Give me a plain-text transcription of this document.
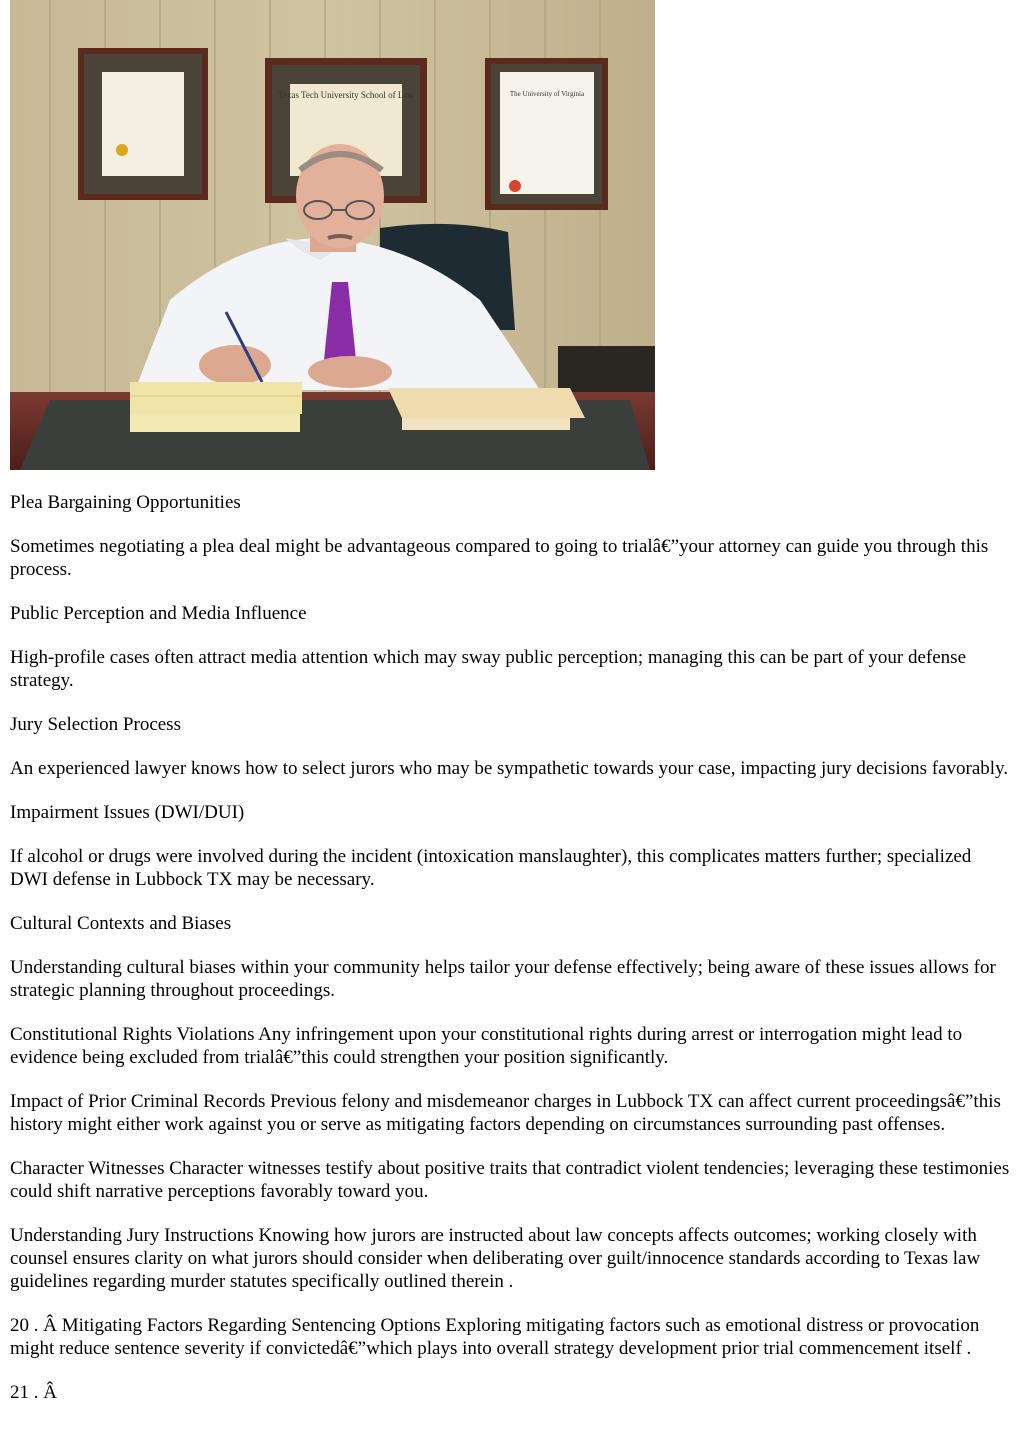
Texas Tech University School of Law	The University of Virginia

Plea Bargaining Opportunities

Sometimes negotiating a plea deal might be advantageous compared to going to trialâ€”your attorney can guide you through this process.

Public Perception and Media Influence

High-profile cases often attract media attention which may sway public perception; managing this can be part of your defense strategy.

Jury Selection Process

An experienced lawyer knows how to select jurors who may be sympathetic towards your case, impacting jury decisions favorably.

Impairment Issues (DWI/DUI)

If alcohol or drugs were involved during the incident (intoxication manslaughter), this complicates matters further; specialized DWI defense in Lubbock TX may be necessary.

Cultural Contexts and Biases

Understanding cultural biases within your community helps tailor your defense effectively; being aware of these issues allows for strategic planning throughout proceedings.

Constitutional Rights Violations Any infringement upon your constitutional rights during arrest or interrogation might lead to evidence being excluded from trialâ€”this could strengthen your position significantly.

Impact of Prior Criminal Records Previous felony and misdemeanor charges in Lubbock TX can affect current proceedingsâ€”this history might either work against you or serve as mitigating factors depending on circumstances surrounding past offenses.

Character Witnesses Character witnesses testify about positive traits that contradict violent tendencies; leveraging these testimonies could shift narrative perceptions favorably toward you.

Understanding Jury Instructions Knowing how jurors are instructed about law concepts affects outcomes; working closely with counsel ensures clarity on what jurors should consider when deliberating over guilt/innocence standards according to Texas law guidelines regarding murder statutes specifically outlined therein .

20 . Â Mitigating Factors Regarding Sentencing Options Exploring mitigating factors such as emotional distress or provocation might reduce sentence severity if convictedâ€”which plays into overall strategy development prior trial commencement itself .

21 . Â
